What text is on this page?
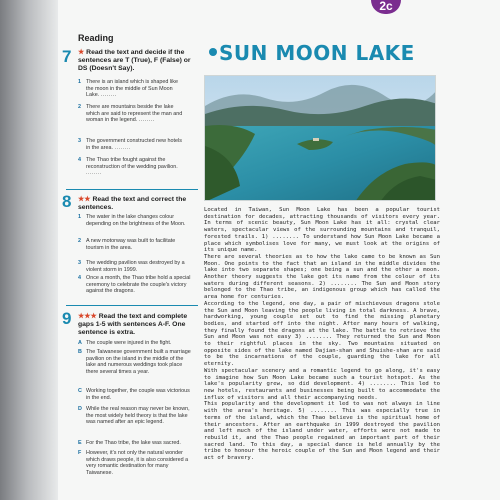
2c
Reading
7 ★ Read the text and decide if the sentences are T (True), F (False) or DS (Doesn't Say).
1 There is an island which is shaped like the moon in the middle of Sun Moon Lake. ........
2 There are mountains beside the lake which are said to represent the man and woman in the legend. ........
3 The government constructed new hotels in the area. ........
4 The Thao tribe fought against the reconstruction of the wedding pavilion. ........
8 ★★ Read the text and correct the sentences.
1 The water in the lake changes colour depending on the brightness of the Moon.
2 A new motorway was built to facilitate tourism in the area.
3 The wedding pavilion was destroyed by a violent storm in 1999.
4 Once a month, the Thao tribe hold a special ceremony to celebrate the couple's victory against the dragons.
9 ★★★ Read the text and complete gaps 1-5 with sentences A-F. One sentence is extra.
A The couple were injured in the fight.
B The Taiwanese government built a marriage pavilion on the island in the middle of the lake and numerous weddings took place there several times a year.
C Working together, the couple was victorious in the end.
D While the real reason may never be known, the most widely held theory is that the lake was named after an epic legend.
E For the Thao tribe, the lake was sacred.
F However, it's not only the natural wonder which draws people, it is also considered a very romantic destination for many Taiwanese.
SUN MOON LAKE

Located in Taiwan, Sun Moon Lake has been a popular tourist destination for decades, attracting thousands of visitors every year. In terms of scenic beauty, Sun Moon Lake has it all: crystal clear waters, spectacular views of the surrounding mountains and tranquil, forested trails. 1) ........ To understand how Sun Moon Lake became a place which symbolises love for many, we must look at the origins of its unique name.

There are several theories as to how the lake came to be known as Sun Moon. One points to the fact that an island in the middle divides the lake into two separate shapes; one being a sun and the other a moon. Another theory suggests the lake got its name from the colour of its waters during different seasons. 2) ........ The Sun and Moon story belonged to the Thao tribe, an indigenous group which has called the area home for centuries.

According to the legend, one day, a pair of mischievous dragons stole the Sun and Moon leaving the people living in total darkness. A brave, hardworking, young couple set out to find the missing planetary bodies, and started off into the night. After many hours of walking, they finally found the dragons at the lake. The battle to retrieve the Sun and Moon was not easy 3) ........ They returned the Sun and Moon to their rightful places in the sky. Two mountains situated on opposite sides of the lake named Dajian-shan and Shuishe-shan are said to be the incarnations of the couple, guarding the lake for all eternity.

With spectacular scenery and a romantic legend to go along, it's easy to imagine how Sun Moon Lake became such a tourist hotspot. As the lake's popularity grew, so did development. 4) ........ This led to new hotels, restaurants and businesses being built to accommodate the influx of visitors and all their accompanying needs.

This popularity and the development it led to was not always in line with the area's heritage. 5) ........ This was especially true in terms of the island, which the Thao believe is the spiritual home of their ancestors. After an earthquake in 1999 destroyed the pavilion and left much of the island under water, efforts were not made to rebuild it, and the Thao people regained an important part of their sacred land. To this day, a special dance is held annually by the tribe to honour the heroic couple of the Sun and Moon legend and their act of bravery.
